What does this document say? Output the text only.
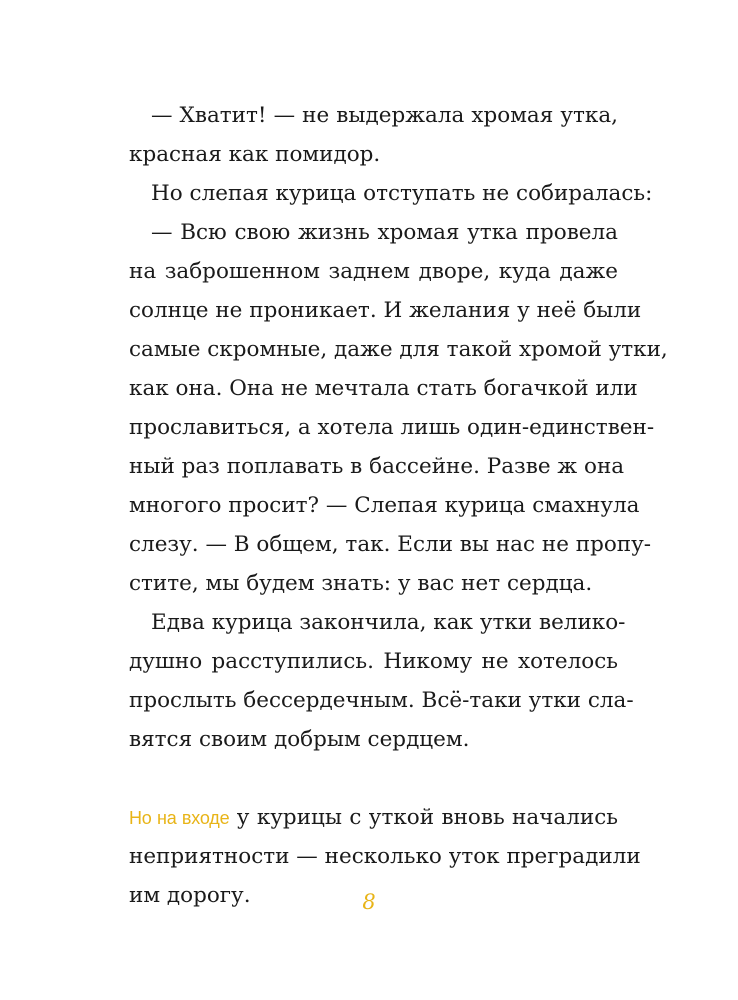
— Хватит! — не выдержала хромая утка,
красная как помидор.
Но слепая курица отступать не собиралась:
— Всю свою жизнь хромая утка провела
на заброшенном заднем дворе, куда даже
солнце не проникает. И желания у неё были
самые скромные, даже для такой хромой утки,
как она. Она не мечтала стать богачкой или
прославиться, а хотела лишь один-единствен-
ный раз поплавать в бассейне. Разве ж она
многого просит? — Слепая курица смахнула
слезу. — В общем, так. Если вы нас не пропу-
стите, мы будем знать: у вас нет сердца.
Едва курица закончила, как утки велико-
душно расступились. Никому не хотелось
прослыть бессердечным. Всё-таки утки сла-
вятся своим добрым сердцем.
Но на входе у курицы с уткой вновь начались
неприятности — несколько уток преградили
им дорогу.	8
